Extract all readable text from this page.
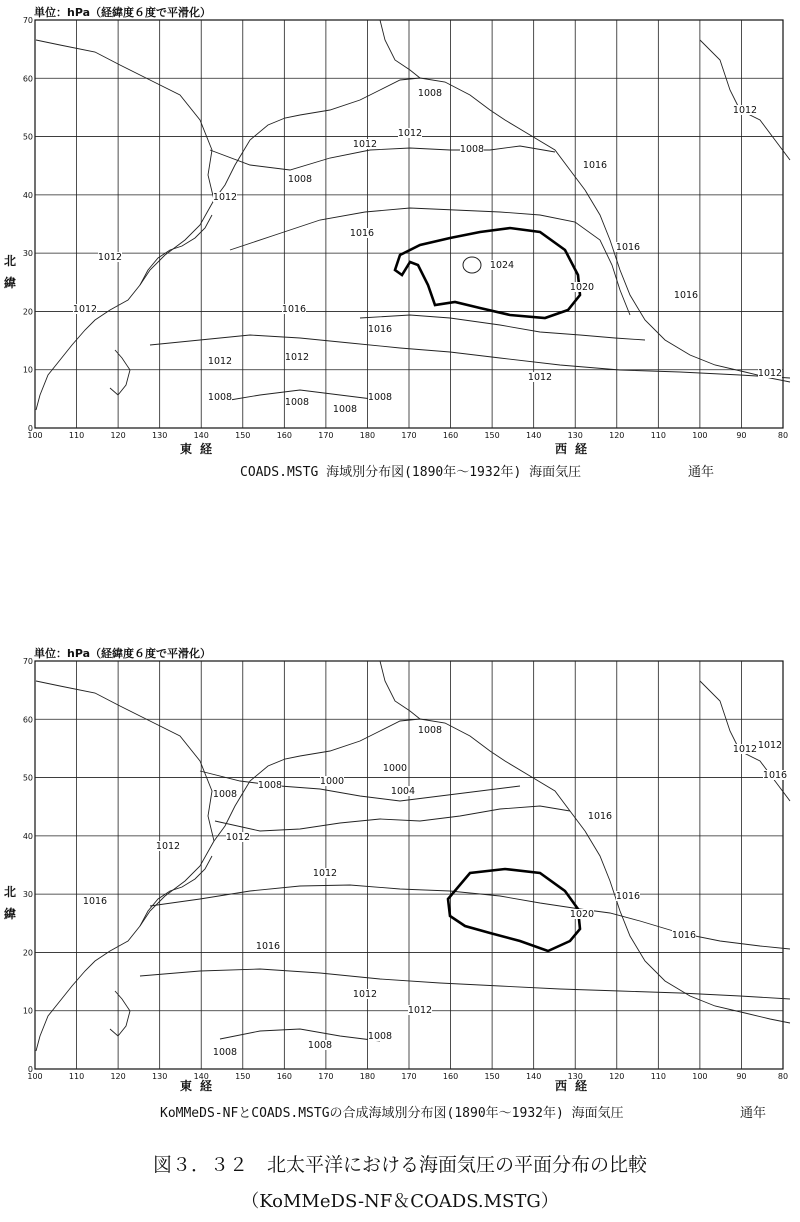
単位：hPa（経緯度６度で平滑化）
北緯
東経	西経
100	110	120	130	140	150	160	170	180	170	160	150	140	130	120	110	100	90	80
70
60
50
40
30
20
10
0
1008
1012
1012	1008
1016
1008
1012
1016
1012
1024
1016
1020
1016
1012	1016
1016
1012	1012
1012	1012
1008	1008
1008
1008
1012
COADS.MSTG 海域別分布図(1890年～1932年) 海面気圧	通年
単位：hPa（経緯度６度で平滑化）
北緯
東経	西経
100	110	120	130	140	150	160	170	180	170	160	150	140	130	120	110	100	90	80
70
60
50
40
30
20
10
0
1008
1000
1000
1004
1012
1008
1008
1012
1016
1012
1016
1012
1016
1020
1016
1016
1012
1012
1008
1008
1008
1012
1016
KoMMeDS-NFとCOADS.MSTGの合成海域別分布図(1890年～1932年) 海面気圧	通年
図３．３２　北太平洋における海面気圧の平面分布の比較
（KoMMeDS-NF＆COADS.MSTG）
